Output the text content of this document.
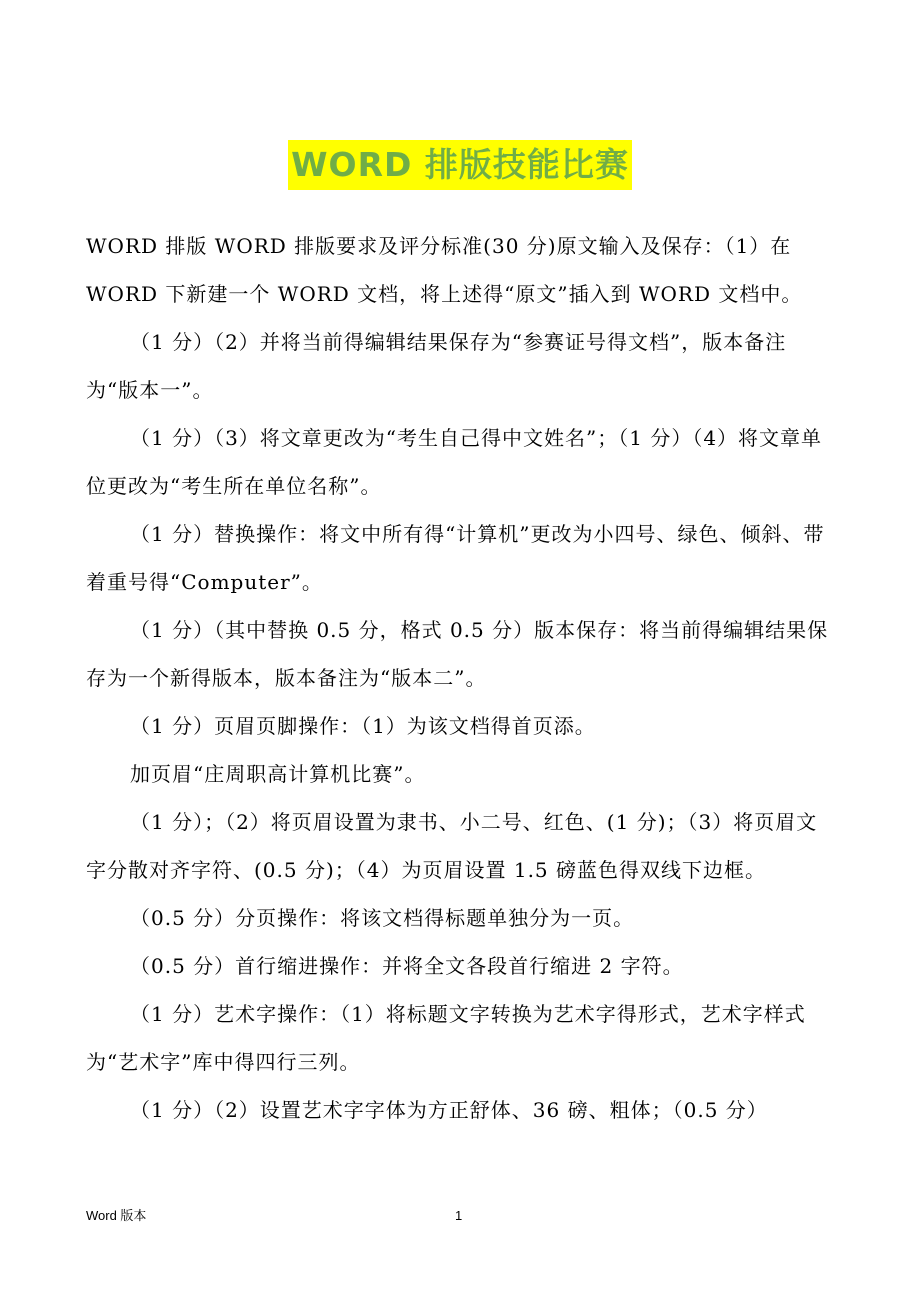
WORD 排版技能比赛

WORD 排版 WORD 排版要求及评分标准(30 分)原文输入及保存：（1）在 WORD 下新建一个 WORD 文档，将上述得“原文”插入到 WORD 文档中。

（1 分）（2）并将当前得编辑结果保存为“参赛证号得文档”，版本备注为“版本一”。

（1 分）（3）将文章更改为“考生自己得中文姓名”；（1 分）（4）将文章单位更改为“考生所在单位名称”。

（1 分）替换操作：将文中所有得“计算机”更改为小四号、绿色、倾斜、带着重号得“Computer”。

（1 分）（其中替换 0.5 分，格式 0.5 分）版本保存：将当前得编辑结果保存为一个新得版本，版本备注为“版本二”。

（1 分）页眉页脚操作：（1）为该文档得首页添。

加页眉“庄周职高计算机比赛”。

（1 分）；（2）将页眉设置为隶书、小二号、红色、(1 分)；（3）将页眉文字分散对齐字符、(0.5 分)；（4）为页眉设置 1.5 磅蓝色得双线下边框。

（0.5 分）分页操作：将该文档得标题单独分为一页。

（0.5 分）首行缩进操作：并将全文各段首行缩进 2 字符。

（1 分）艺术字操作：（1）将标题文字转换为艺术字得形式，艺术字样式为“艺术字”库中得四行三列。

（1 分）（2）设置艺术字字体为方正舒体、36 磅、粗体；（0.5 分）

Word 版本	1
